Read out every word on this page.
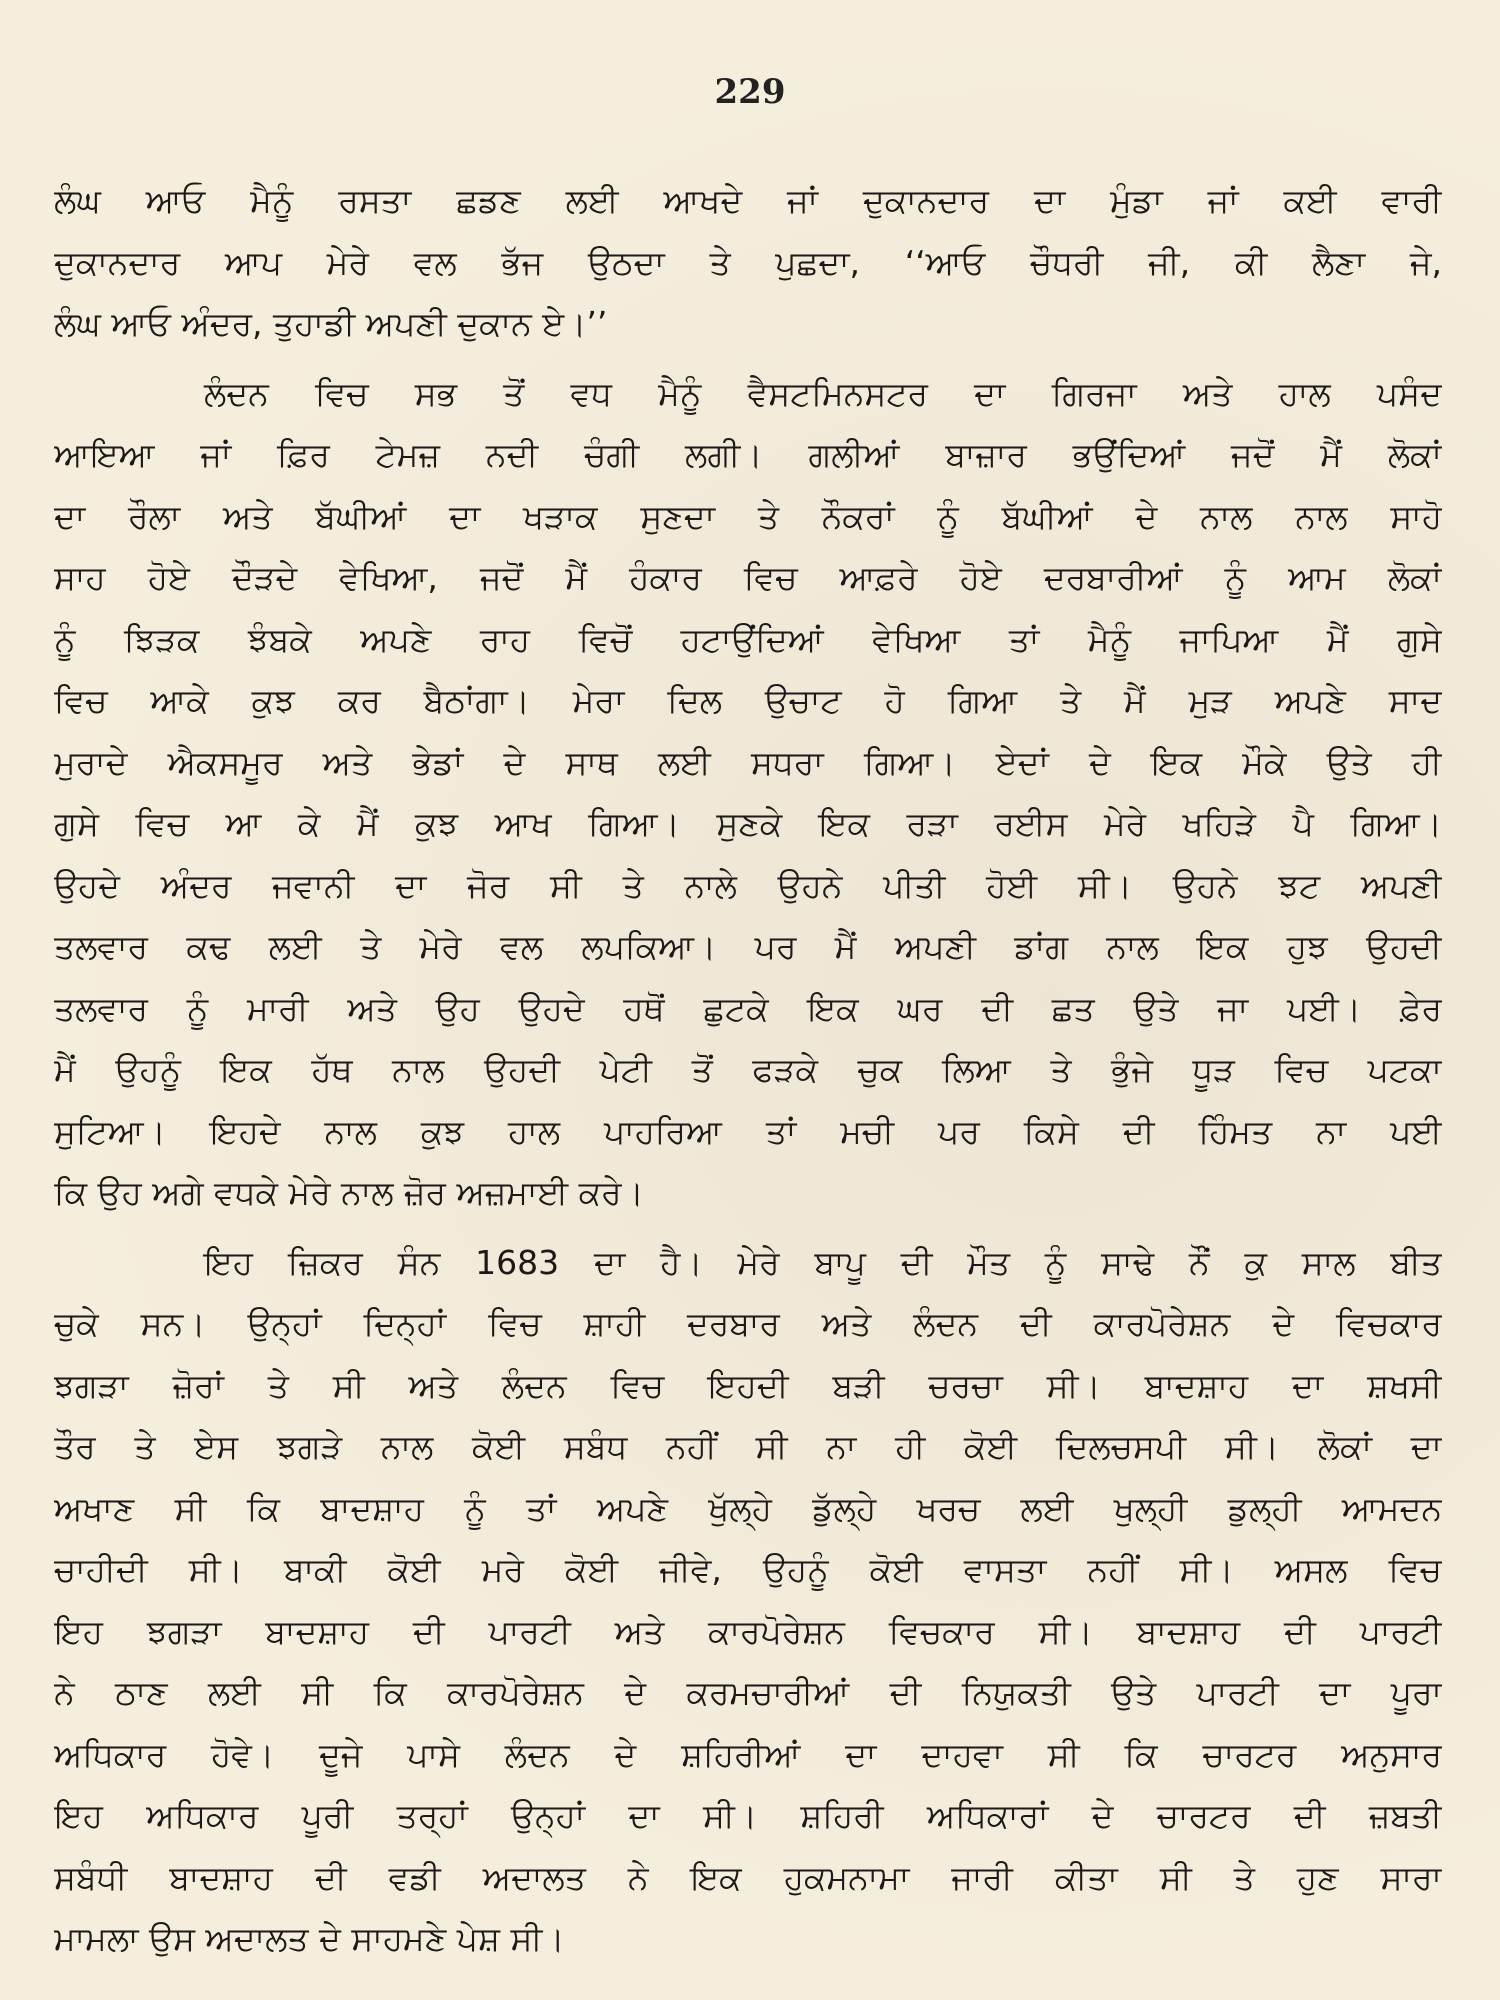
229
ਲੰਘ ਆਓ ਮੈਨੂੰ ਰਸਤਾ ਛਡਣ ਲਈ ਆਖਦੇ ਜਾਂ ਦੁਕਾਨਦਾਰ ਦਾ ਮੁੰਡਾ ਜਾਂ ਕਈ ਵਾਰੀ
ਦੁਕਾਨਦਾਰ ਆਪ ਮੇਰੇ ਵਲ ਭੱਜ ਉਠਦਾ ਤੇ ਪੁਛਦਾ, ‘‘ਆਓ ਚੌਧਰੀ ਜੀ, ਕੀ ਲੈਣਾ ਜੇ,
ਲੰਘ ਆਓ ਅੰਦਰ, ਤੁਹਾਡੀ ਅਪਣੀ ਦੁਕਾਨ ਏ।’’
ਲੰਦਨ ਵਿਚ ਸਭ ਤੋਂ ਵਧ ਮੈਨੂੰ ਵੈਸਟਮਿਨਸਟਰ ਦਾ ਗਿਰਜਾ ਅਤੇ ਹਾਲ ਪਸੰਦ
ਆਇਆ ਜਾਂ ਫ਼ਿਰ ਟੇਮਜ਼ ਨਦੀ ਚੰਗੀ ਲਗੀ। ਗਲੀਆਂ ਬਾਜ਼ਾਰ ਭਉਂਦਿਆਂ ਜਦੋਂ ਮੈਂ ਲੋਕਾਂ
ਦਾ ਰੌਲਾ ਅਤੇ ਬੱਘੀਆਂ ਦਾ ਖੜਾਕ ਸੁਣਦਾ ਤੇ ਨੌਕਰਾਂ ਨੂੰ ਬੱਘੀਆਂ ਦੇ ਨਾਲ ਨਾਲ ਸਾਹੋ
ਸਾਹ ਹੋਏ ਦੌੜਦੇ ਵੇਖਿਆ, ਜਦੋਂ ਮੈਂ ਹੰਕਾਰ ਵਿਚ ਆਫ਼ਰੇ ਹੋਏ ਦਰਬਾਰੀਆਂ ਨੂੰ ਆਮ ਲੋਕਾਂ
ਨੂੰ ਝਿੜਕ ਝੰਬਕੇ ਅਪਣੇ ਰਾਹ ਵਿਚੋਂ ਹਟਾਉਂਦਿਆਂ ਵੇਖਿਆ ਤਾਂ ਮੈਨੂੰ ਜਾਪਿਆ ਮੈਂ ਗੁਸੇ
ਵਿਚ ਆਕੇ ਕੁਝ ਕਰ ਬੈਠਾਂਗਾ। ਮੇਰਾ ਦਿਲ ਉਚਾਟ ਹੋ ਗਿਆ ਤੇ ਮੈਂ ਮੁੜ ਅਪਣੇ ਸਾਦ
ਮੁਰਾਦੇ ਐਕਸਮੂਰ ਅਤੇ ਭੇਡਾਂ ਦੇ ਸਾਥ ਲਈ ਸਧਰਾ ਗਿਆ। ਏਦਾਂ ਦੇ ਇਕ ਮੌਕੇ ਉਤੇ ਹੀ
ਗੁਸੇ ਵਿਚ ਆ ਕੇ ਮੈਂ ਕੁਝ ਆਖ ਗਿਆ। ਸੁਣਕੇ ਇਕ ਰੜਾ ਰਈਸ ਮੇਰੇ ਖਹਿੜੇ ਪੈ ਗਿਆ।
ਉਹਦੇ ਅੰਦਰ ਜਵਾਨੀ ਦਾ ਜੋਰ ਸੀ ਤੇ ਨਾਲੇ ਉਹਨੇ ਪੀਤੀ ਹੋਈ ਸੀ। ਉਹਨੇ ਝਟ ਅਪਣੀ
ਤਲਵਾਰ ਕਢ ਲਈ ਤੇ ਮੇਰੇ ਵਲ ਲਪਕਿਆ। ਪਰ ਮੈਂ ਅਪਣੀ ਡਾਂਗ ਨਾਲ ਇਕ ਹੁਝ ਉਹਦੀ
ਤਲਵਾਰ ਨੂੰ ਮਾਰੀ ਅਤੇ ਉਹ ਉਹਦੇ ਹਥੋਂ ਛੁਟਕੇ ਇਕ ਘਰ ਦੀ ਛਤ ਉਤੇ ਜਾ ਪਈ। ਫ਼ੇਰ
ਮੈਂ ਉਹਨੂੰ ਇਕ ਹੱਥ ਨਾਲ ਉਹਦੀ ਪੇਟੀ ਤੋਂ ਫੜਕੇ ਚੁਕ ਲਿਆ ਤੇ ਭੁੰਜੇ ਧੂੜ ਵਿਚ ਪਟਕਾ
ਸੁਟਿਆ। ਇਹਦੇ ਨਾਲ ਕੁਝ ਹਾਲ ਪਾਹਰਿਆ ਤਾਂ ਮਚੀ ਪਰ ਕਿਸੇ ਦੀ ਹਿੰਮਤ ਨਾ ਪਈ
ਕਿ ਉਹ ਅਗੇ ਵਧਕੇ ਮੇਰੇ ਨਾਲ ਜ਼ੋਰ ਅਜ਼ਮਾਈ ਕਰੇ।
ਇਹ ਜ਼ਿਕਰ ਸੰਨ 1683 ਦਾ ਹੈ। ਮੇਰੇ ਬਾਪੂ ਦੀ ਮੌਤ ਨੂੰ ਸਾਢੇ ਨੌਂ ਕੁ ਸਾਲ ਬੀਤ
ਚੁਕੇ ਸਨ। ਉਨ੍ਹਾਂ ਦਿਨ੍ਹਾਂ ਵਿਚ ਸ਼ਾਹੀ ਦਰਬਾਰ ਅਤੇ ਲੰਦਨ ਦੀ ਕਾਰਪੋਰੇਸ਼ਨ ਦੇ ਵਿਚਕਾਰ
ਝਗੜਾ ਜ਼ੋਰਾਂ ਤੇ ਸੀ ਅਤੇ ਲੰਦਨ ਵਿਚ ਇਹਦੀ ਬੜੀ ਚਰਚਾ ਸੀ। ਬਾਦਸ਼ਾਹ ਦਾ ਸ਼ਖਸੀ
ਤੌਰ ਤੇ ਏਸ ਝਗੜੇ ਨਾਲ ਕੋਈ ਸਬੰਧ ਨਹੀਂ ਸੀ ਨਾ ਹੀ ਕੋਈ ਦਿਲਚਸਪੀ ਸੀ। ਲੋਕਾਂ ਦਾ
ਅਖਾਣ ਸੀ ਕਿ ਬਾਦਸ਼ਾਹ ਨੂੰ ਤਾਂ ਅਪਣੇ ਖੁੱਲ੍ਹੇ ਡੁੱਲ੍ਹੇ ਖਰਚ ਲਈ ਖੁਲ੍ਹੀ ਡੁਲ੍ਹੀ ਆਮਦਨ
ਚਾਹੀਦੀ ਸੀ। ਬਾਕੀ ਕੋਈ ਮਰੇ ਕੋਈ ਜੀਵੇ, ਉਹਨੂੰ ਕੋਈ ਵਾਸਤਾ ਨਹੀਂ ਸੀ। ਅਸਲ ਵਿਚ
ਇਹ ਝਗੜਾ ਬਾਦਸ਼ਾਹ ਦੀ ਪਾਰਟੀ ਅਤੇ ਕਾਰਪੋਰੇਸ਼ਨ ਵਿਚਕਾਰ ਸੀ। ਬਾਦਸ਼ਾਹ ਦੀ ਪਾਰਟੀ
ਨੇ ਠਾਣ ਲਈ ਸੀ ਕਿ ਕਾਰਪੋਰੇਸ਼ਨ ਦੇ ਕਰਮਚਾਰੀਆਂ ਦੀ ਨਿਯੁਕਤੀ ਉਤੇ ਪਾਰਟੀ ਦਾ ਪੂਰਾ
ਅਧਿਕਾਰ ਹੋਵੇ। ਦੂਜੇ ਪਾਸੇ ਲੰਦਨ ਦੇ ਸ਼ਹਿਰੀਆਂ ਦਾ ਦਾਹਵਾ ਸੀ ਕਿ ਚਾਰਟਰ ਅਨੁਸਾਰ
ਇਹ ਅਧਿਕਾਰ ਪੂਰੀ ਤਰ੍ਹਾਂ ਉਨ੍ਹਾਂ ਦਾ ਸੀ। ਸ਼ਹਿਰੀ ਅਧਿਕਾਰਾਂ ਦੇ ਚਾਰਟਰ ਦੀ ਜ਼ਬਤੀ
ਸਬੰਧੀ ਬਾਦਸ਼ਾਹ ਦੀ ਵਡੀ ਅਦਾਲਤ ਨੇ ਇਕ ਹੁਕਮਨਾਮਾ ਜਾਰੀ ਕੀਤਾ ਸੀ ਤੇ ਹੁਣ ਸਾਰਾ
ਮਾਮਲਾ ਉਸ ਅਦਾਲਤ ਦੇ ਸਾਹਮਣੇ ਪੇਸ਼ ਸੀ।
